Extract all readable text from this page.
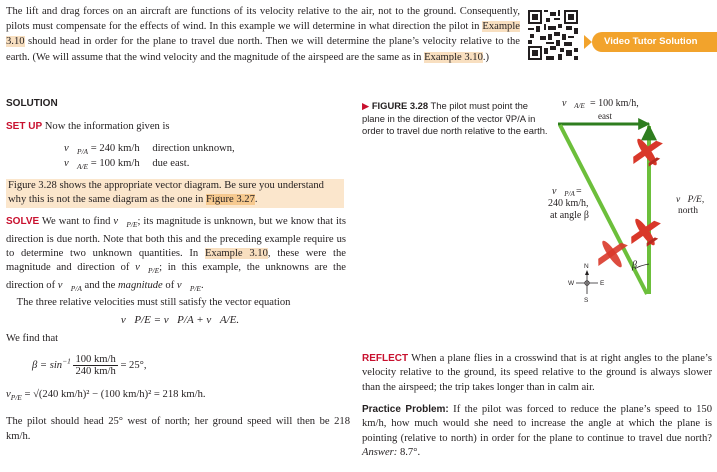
The lift and drag forces on an aircraft are functions of its velocity relative to the air, not to the ground. Consequently, pilots must compensate for the effects of wind. In this example we will determine in what direction the pilot in Example 3.10 should head in order for the plane to travel due north. Then we will determine the plane’s velocity relative to the earth. (We will assume that the wind velocity and the magnitude of the airspeed are the same as in Example 3.10.)

Video Tutor Solution
SOLUTION
SET UP Now the information given is
$v⃗_{P/A} = 240$ km/h direction unknown,
$v⃗_{A/E} = 100$ km/h due east.

Figure 3.28 shows the appropriate vector diagram. Be sure you understand why this is not the same diagram as the one in Figure 3.27.

SOLVE We want to find $v⃗_{P/E}$; its magnitude is unknown, but we know that its direction is due north. Note that both this and the preceding example require us to determine two unknown quantities. In Example 3.10, these were the magnitude and direction of $v⃗_{P/E}$; in this example, the unknowns are the direction of $v⃗_{P/A}$ and the magnitude of $v⃗_{P/E}$.
The three relative velocities must still satisfy the vector equation

v⃗P/E = v⃗P/A + v⃗A/E.
We find that
$\beta = \sin^{-1} \frac{100 km/h}{240 km/h} = 25^\circ$,
$v_{P/E} = √(240$ km/h)² − (100 km/h)² = 218 km/h.

The pilot should head 25° west of north; her ground speed will then be 218 km/h.

▶ FIGURE 3.28 The pilot must point the plane in the direction of the vector v⃗P/A in order to travel due north relative to the earth.
$v⃗_{A/E} = 100$ km/h,
east
β
$v⃗_{P/A}$ =
240 km/h,
at angle β
v⃗P/E,
north
N
S
E
W

REFLECT When a plane flies in a crosswind that is at right angles to the plane’s velocity relative to the ground, its speed relative to the ground is always slower than the airspeed; the trip takes longer than in calm air.

Practice Problem: If the pilot was forced to reduce the plane’s speed to 150 km/h, how much would she need to increase the angle at which the plane is pointing (relative to north) in order for the plane to continue to travel due north? Answer: 8.7°.
